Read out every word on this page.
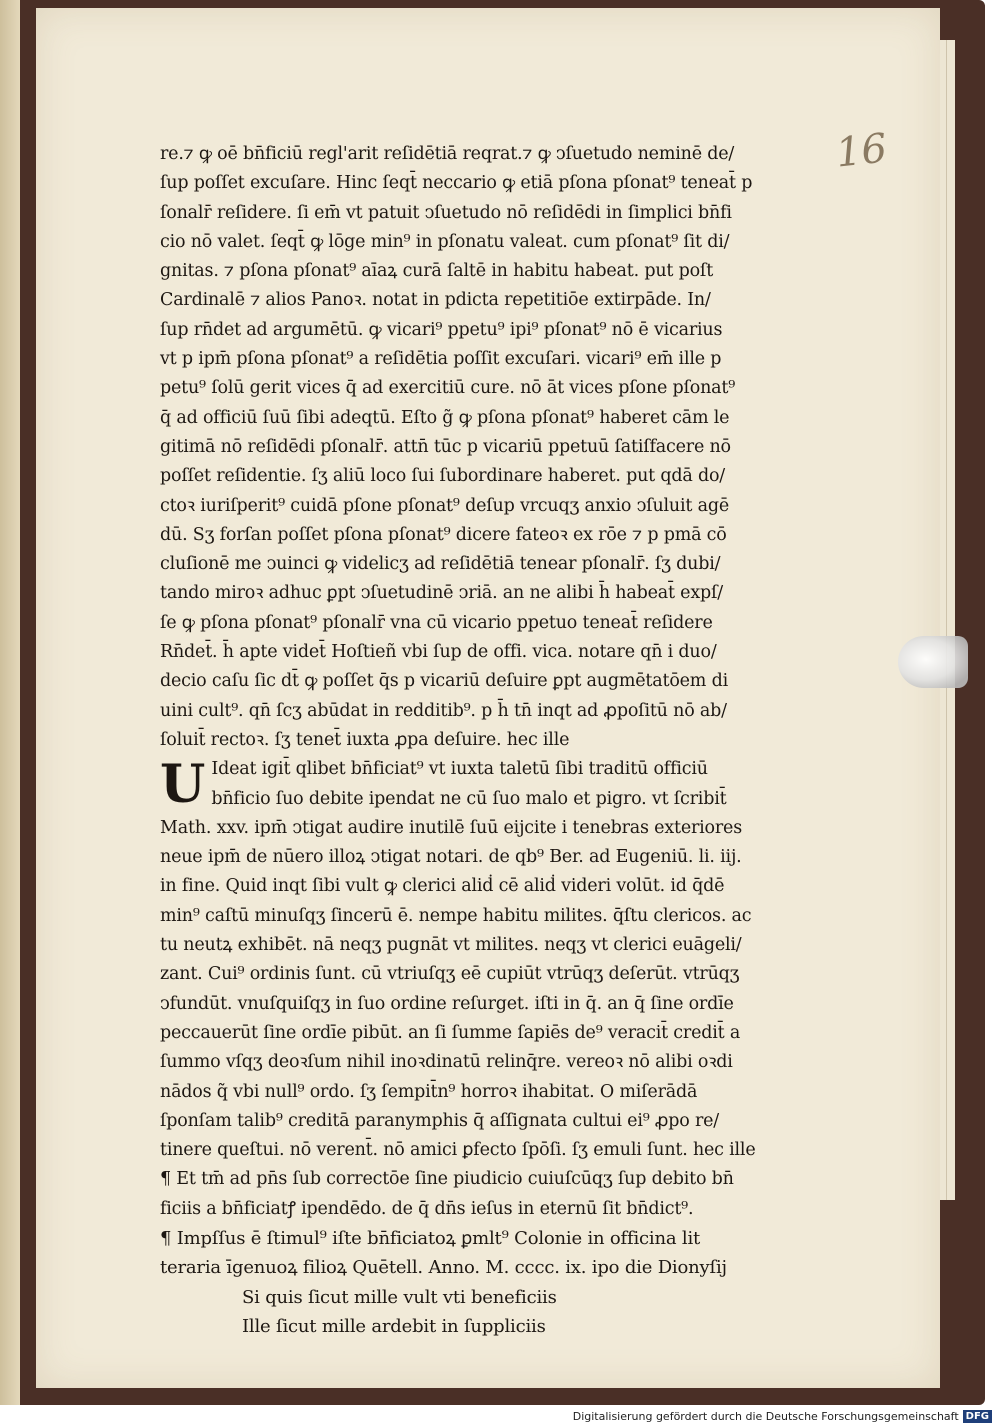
16
re.⁊ ꝙ oē bn̄ficiū regl'arit reſidētiā reqrat.⁊ ꝙ ↄſuetudo neminē de/
ſup poſſet excuſare. Hinc ſeqt̄ neccario ꝙ etiā pſona pſonat⁹ teneat̄ p
ſonalr̄ reſidere. ſi em̄ vt patuit ↄſuetudo nō reſidēdi in ſimplici bn̄fi
cio nō valet. ſeqt̄ ꝙ lōge min⁹ in pſonatu valeat. cum pſonat⁹ ſit di/
gnitas. ⁊ pſona pſonat⁹ aīaꝝ curā ſaltē in habitu habeat. put poſt
Cardinalē ⁊ alios Panoꝛ. notat in pdicta repetitiōe extirpāde. In/
ſup rn̄det ad argumētū. ꝙ vicari⁹ ppetu⁹ ipi⁹ pſonat⁹ nō ē vicarius
vt p ipm̄ pſona pſonat⁹ a reſidētia poſſit excuſari. vicari⁹ em̄ ille p
petu⁹ ſolū gerit vices q̄ ad exercitiū cure. nō āt vices pſone pſonat⁹
q̄ ad officiū ſuū ſibi adeqtū. Eſto g̃ ꝙ pſona pſonat⁹ haberet cām le
gitimā nō reſidēdi pſonalr̄. attn̄ tūc p vicariū ppetuū ſatiſfacere nō
poſſet reſidentie. ſʒ aliū loco ſui ſubordinare haberet. put qdā do/
ctoꝛ iuriſperit⁹ cuidā pſone pſonat⁹ deſup vrcuqʒ anxio ↄſuluit agē
dū. Sʒ forſan poſſet pſona pſonat⁹ dicere fateoꝛ ex rōe ⁊ p pmā cō
cluſionē me ↄuinci ꝙ videlicʒ ad reſidētiā tenear pſonalr̄. ſʒ dubi/
tando miroꝛ adhuc ꝑpt ↄſuetudinē ↄriā. an ne alibi h̄ habeat̄ expſ/
ſe ꝙ pſona pſonat⁹ pſonalr̄ vna cū vicario ppetuo teneat̄ reſidere
Rn̄det̄. h̄ apte videt̄ Hoſtieñ vbi ſup de offi. vica. notare qn̄ i duo/
decio caſu ſic dt̄ ꝙ poſſet q̄s p vicariū deſuire ꝑpt augmētatōem di
uini cult⁹. qn̄ ſcʒ abūdat in redditib⁹. p h̄ tn̄ inqt ad ꝓpoſitū nō ab/
ſoluit̄ rectoꝛ. ſʒ tenet̄ iuxta ꝓpa deſuire. hec ille
U Ideat igit̄ qlibet bn̄ficiat⁹ vt iuxta taletū ſibi traditū officiū
bn̄ficio ſuo debite ipendat ne cū ſuo malo et pigro. vt ſcribit̄
Math. xxv. ipm̄ ↄtigat audire inutilē ſuū eijcite i tenebras exteriores
neue ipm̄ de nūero illoꝝ ↄtigat notari. de qb⁹ Ber. ad Eugeniū. li. iij.
in fine. Quid inqt ſibi vult ꝙ clerici aliḋ cē aliḋ videri volūt. id q̄dē
min⁹ caſtū minuſqʒ ſincerū ē. nempe habitu milites. q̄ſtu clericos. ac
tu neutꝝ exhibēt. nā neqʒ pugnāt vt milites. neqʒ vt clerici euāgeli/
zant. Cui⁹ ordinis ſunt. cū vtriuſqʒ eē cupiūt vtrūqʒ deſerūt. vtrūqʒ
ↄfundūt. vnuſquiſqʒ in ſuo ordine reſurget. iſti in q̄. an q̄ ſine ordīe
peccauerūt ſine ordīe pibūt. an ſi ſumme ſapiēs de⁹ veracit̄ credit̄ a
ſummo vſqʒ deoꝛſum nihil inoꝛdinatū relinq̄re. vereoꝛ nō alibi oꝛdi
nādos q̃ vbi null⁹ ordo. ſʒ ſempit̄n⁹ horroꝛ ihabitat. O miſerādā
ſponſam talib⁹ creditā paranymphis q̄ aſſignata cultui ei⁹ ꝓpo re/
tinere queſtui. nō verent̄. nō amici ꝑfecto ſpōſi. ſʒ emuli ſunt. hec ille
¶ Et tm̄ ad pn̄s ſub correctōe ſine piudicio cuiuſcūqʒ ſup debito bn̄
ficiis a bn̄ficiatꝭ ipendēdo. de q̄ dn̄s ieſus in eternū ſit bn̄dict⁹.
¶ Impſſus ē ſtimul⁹ iſte bn̄ficiatoꝝ ꝑmlt⁹ Colonie in officina lit
teraria īgenuoꝝ filioꝝ Quētell. Anno. M. cccc. ix. ipo die Dionyſij
Si quis ſicut mille vult vti beneficiis
Ille ſicut mille ardebit in ſuppliciis
Digitalisierung gefördert durch die Deutsche Forschungsgemeinschaft DFG
